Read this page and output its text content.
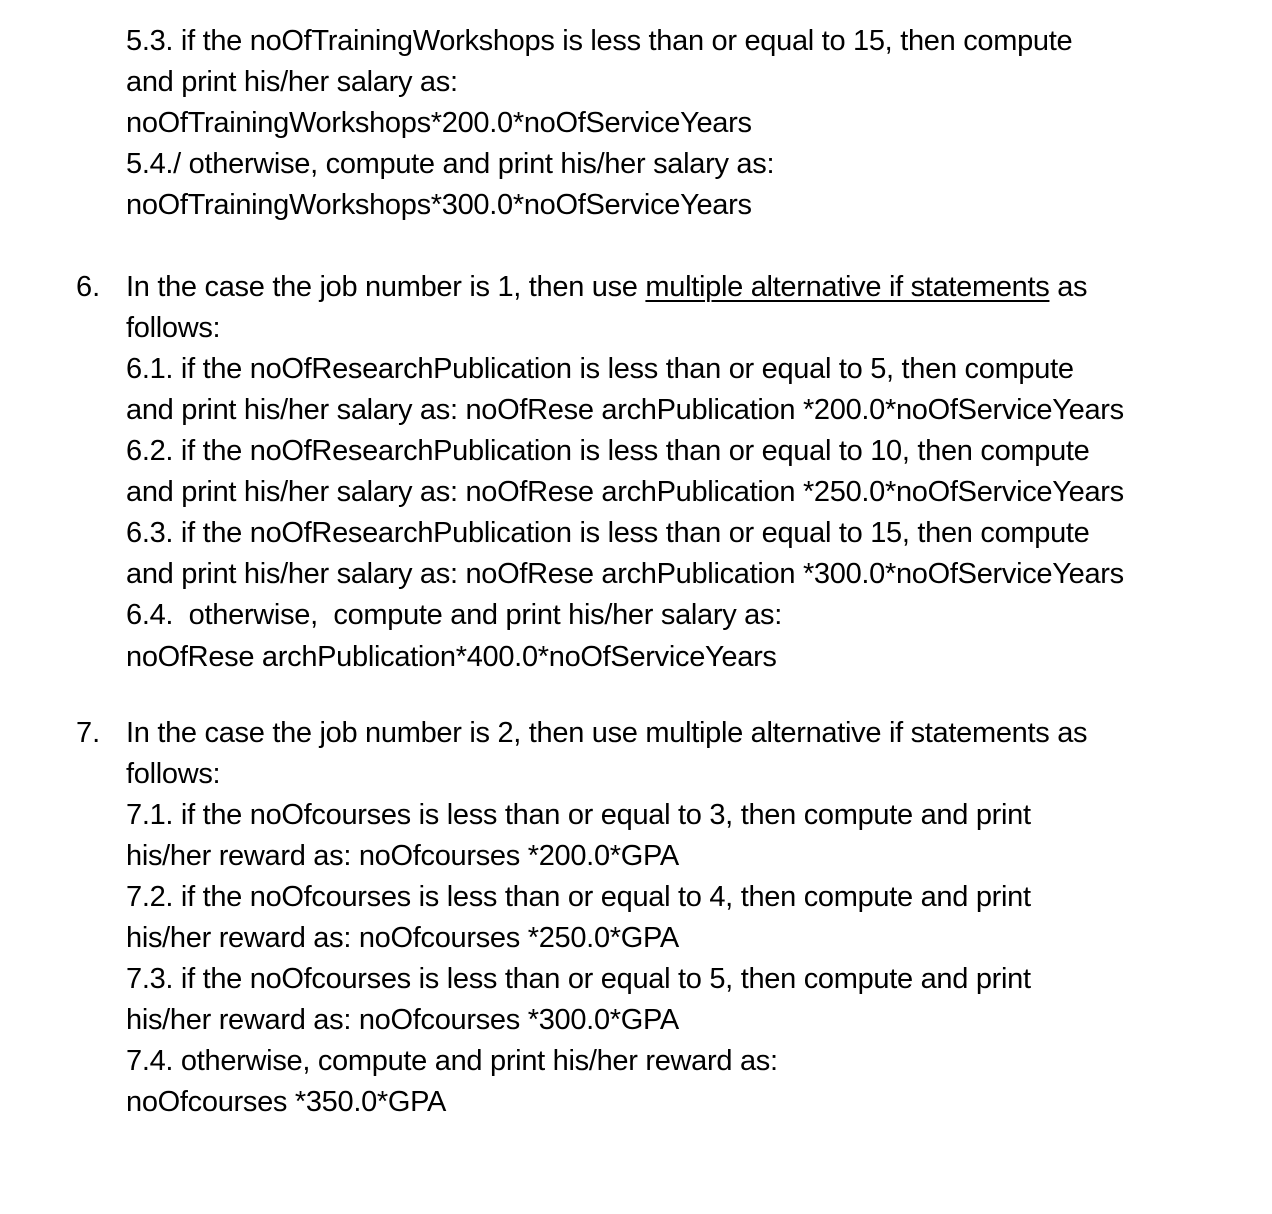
5.3. if the noOfTrainingWorkshops is less than or equal to 15, then compute
and print his/her salary as:
noOfTrainingWorkshops*200.0*noOfServiceYears
5.4./ otherwise, compute and print his/her salary as:
noOfTrainingWorkshops*300.0*noOfServiceYears
6. In the case the job number is 1, then use multiple alternative if statements as
follows:
6.1. if the noOfResearchPublication is less than or equal to 5, then compute
and print his/her salary as: noOfRese archPublication *200.0*noOfServiceYears
6.2. if the noOfResearchPublication is less than or equal to 10, then compute
and print his/her salary as: noOfRese archPublication *250.0*noOfServiceYears
6.3. if the noOfResearchPublication is less than or equal to 15, then compute
and print his/her salary as: noOfRese archPublication *300.0*noOfServiceYears
6.4.  otherwise,  compute and print his/her salary as:
noOfRese archPublication*400.0*noOfServiceYears
7. In the case the job number is 2, then use multiple alternative if statements as
follows:
7.1. if the noOfcourses is less than or equal to 3, then compute and print
his/her reward as: noOfcourses *200.0*GPA
7.2. if the noOfcourses is less than or equal to 4, then compute and print
his/her reward as: noOfcourses *250.0*GPA
7.3. if the noOfcourses is less than or equal to 5, then compute and print
his/her reward as: noOfcourses *300.0*GPA
7.4. otherwise, compute and print his/her reward as:
noOfcourses *350.0*GPA
